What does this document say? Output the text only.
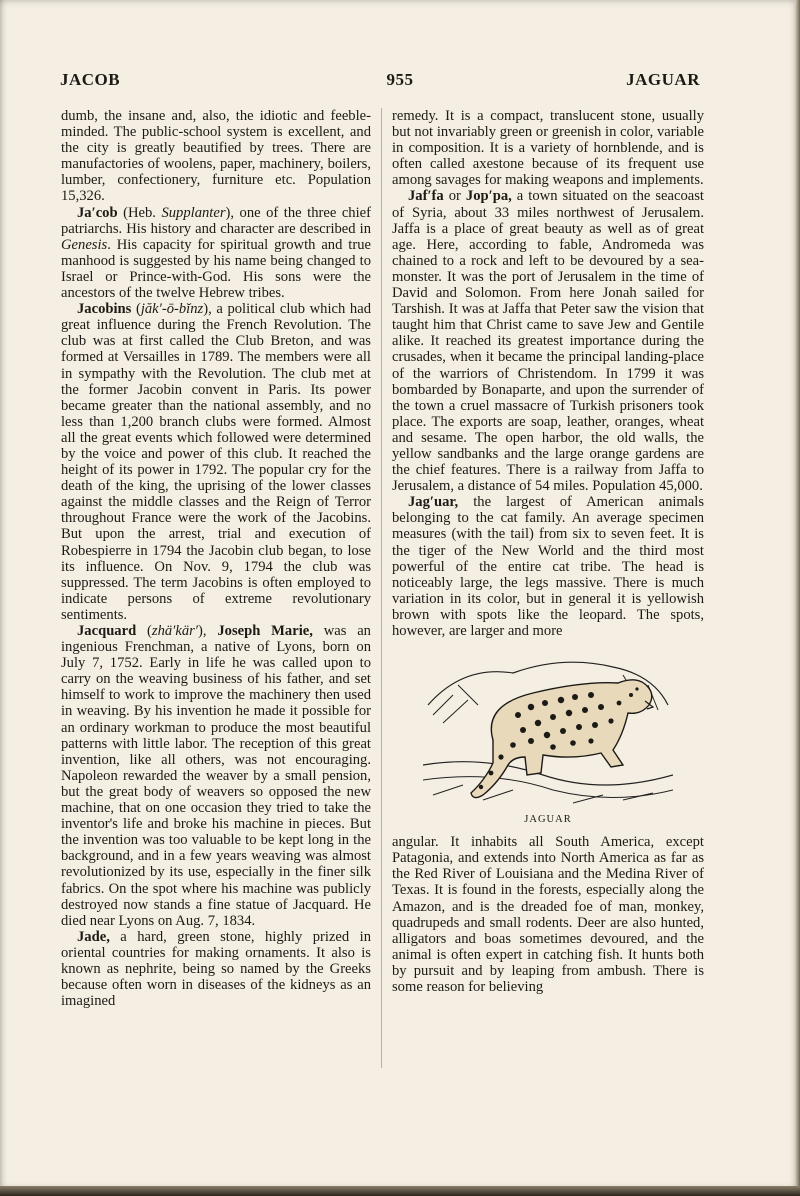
JACOB	955	JAGUAR

dumb, the insane and, also, the idiotic and feeble-minded. The public-school system is excellent, and the city is greatly beautified by trees. There are manufactories of woolens, paper, machinery, boilers, lumber, confectionery, furniture etc. Population 15,326.

Ja′cob (Heb. Supplanter), one of the three chief patriarchs. His history and character are described in Genesis. His capacity for spiritual growth and true manhood is suggested by his name being changed to Israel or Prince-with-God. His sons were the ancestors of the twelve Hebrew tribes.

Jacobins (jăk′-ō-bĭnz), a political club which had great influence during the French Revolution. The club was at first called the Club Breton, and was formed at Versailles in 1789. The members were all in sympathy with the Revolution. The club met at the former Jacobin convent in Paris. Its power became greater than the national assembly, and no less than 1,200 branch clubs were formed. Almost all the great events which followed were determined by the voice and power of this club. It reached the height of its power in 1792. The popular cry for the death of the king, the uprising of the lower classes against the middle classes and the Reign of Terror throughout France were the work of the Jacobins. But upon the arrest, trial and execution of Robespierre in 1794 the Jacobin club began, to lose its influence. On Nov. 9, 1794 the club was suppressed. The term Jacobins is often employed to indicate persons of extreme revolutionary sentiments.

Jacquard (zhä′kär′), Joseph Marie, was an ingenious Frenchman, a native of Lyons, born on July 7, 1752. Early in life he was called upon to carry on the weaving business of his father, and set himself to work to improve the machinery then used in weaving. By his invention he made it possible for an ordinary workman to produce the most beautiful patterns with little labor. The reception of this great invention, like all others, was not encouraging. Napoleon rewarded the weaver by a small pension, but the great body of weavers so opposed the new machine, that on one occasion they tried to take the inventor's life and broke his machine in pieces. But the invention was too valuable to be kept long in the background, and in a few years weaving was almost revolutionized by its use, especially in the finer silk fabrics. On the spot where his machine was publicly destroyed now stands a fine statue of Jacquard. He died near Lyons on Aug. 7, 1834.

Jade, a hard, green stone, highly prized in oriental countries for making ornaments. It also is known as nephrite, being so named by the Greeks because often worn in diseases of the kidneys as an imagined

remedy. It is a compact, translucent stone, usually but not invariably green or greenish in color, variable in composition. It is a variety of hornblende, and is often called axestone because of its frequent use among savages for making weapons and implements.

Jaf′fa or Jop′pa, a town situated on the seacoast of Syria, about 33 miles northwest of Jerusalem. Jaffa is a place of great beauty as well as of great age. Here, according to fable, Andromeda was chained to a rock and left to be devoured by a sea-monster. It was the port of Jerusalem in the time of David and Solomon. From here Jonah sailed for Tarshish. It was at Jaffa that Peter saw the vision that taught him that Christ came to save Jew and Gentile alike. It reached its greatest importance during the crusades, when it became the principal landing-place of the warriors of Christendom. In 1799 it was bombarded by Bonaparte, and upon the surrender of the town a cruel massacre of Turkish prisoners took place. The exports are soap, leather, oranges, wheat and sesame. The open harbor, the old walls, the yellow sandbanks and the large orange gardens are the chief features. There is a railway from Jaffa to Jerusalem, a distance of 54 miles. Population 45,000.

Jag′uar, the largest of American animals belonging to the cat family. An average specimen measures (with the tail) from six to seven feet. It is the tiger of the New World and the third most powerful of the entire cat tribe. The head is noticeably large, the legs massive. There is much variation in its color, but in general it is yellowish brown with spots like the leopard. The spots, however, are larger and more

JAGUAR

angular. It inhabits all South America, except Patagonia, and extends into North America as far as the Red River of Louisiana and the Medina River of Texas. It is found in the forests, especially along the Amazon, and is the dreaded foe of man, monkey, quadrupeds and small rodents. Deer are also hunted, alligators and boas sometimes devoured, and the animal is often expert in catching fish. It hunts both by pursuit and by leaping from ambush. There is some reason for believing
